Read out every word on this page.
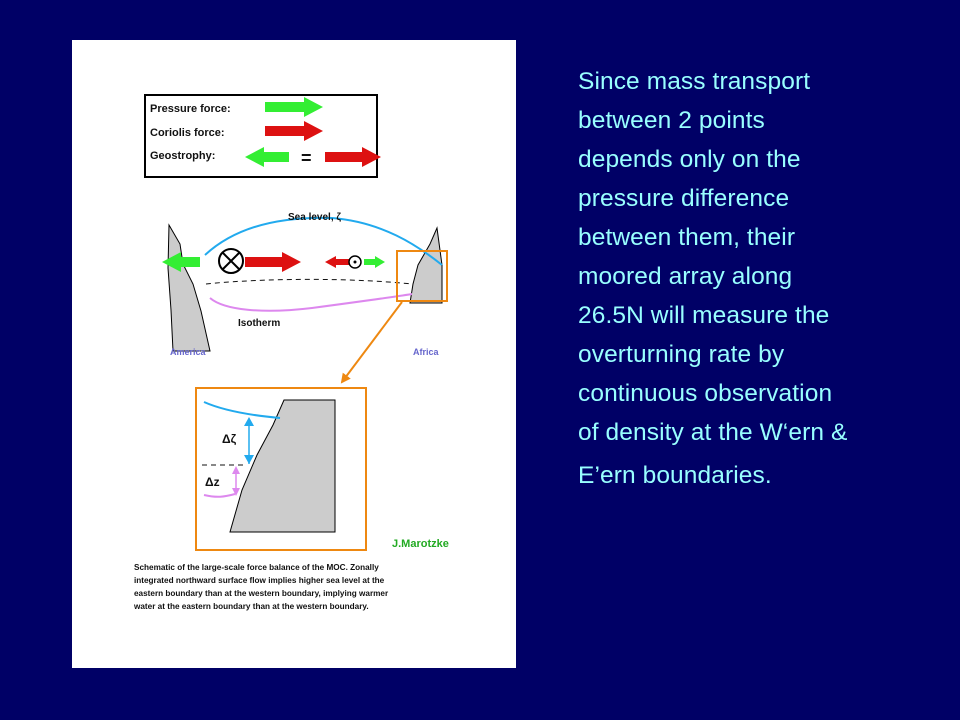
Pressure force:
Coriolis force:
Geostrophy:	=
Sea level, ζ
Isotherm
America	Africa
Δζ
Δz
J.Marotzke
Schematic of the large-scale force balance of the MOC. Zonally
integrated northward surface flow implies higher sea level at the
eastern boundary than at the western boundary, implying warmer
water at the eastern boundary than at the western boundary.
Since mass transport
between 2 points
depends only on the
pressure difference
between them, their
moored array along
26.5N will measure the
overturning rate by
continuous observation
of density at the W‘ern &
E’ern boundaries.
